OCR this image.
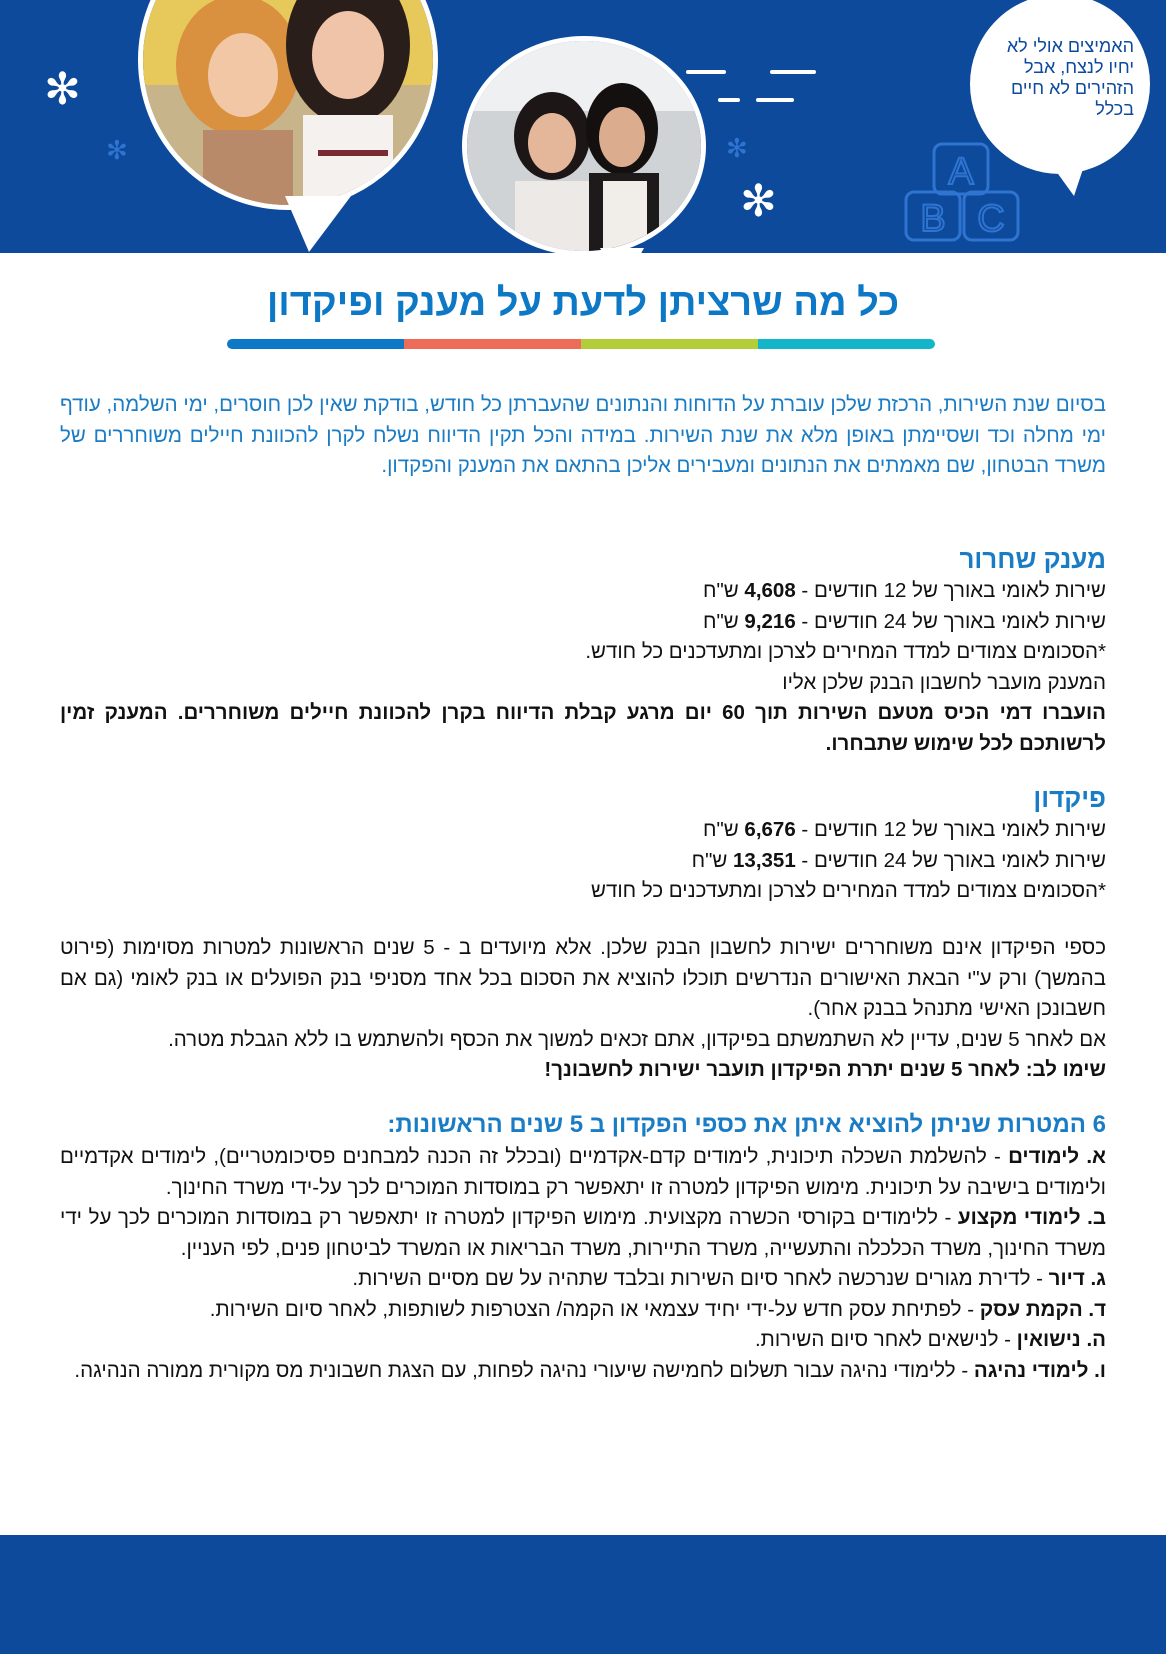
✻
✻	✻
✻
האמיצים אולי לא יחיו לנצח, אבל הזהירים לא חיים בכלל
A
B C
כל מה שרציתן לדעת על מענק ופיקדון

בסיום שנת השירות, הרכזת שלכן עוברת על הדוחות והנתונים שהעברתן כל חודש, בודקת שאין לכן חוסרים, ימי השלמה, עודף ימי מחלה וכד ושסיימתן באופן מלא את שנת השירות. במידה והכל תקין הדיווח נשלח לקרן להכוונת חיילים משוחררים של משרד הבטחון, שם מאמתים את הנתונים ומעבירים אליכן בהתאם את המענק והפקדון.

מענק שחרור

שירות לאומי באורך של 12 חודשים - 4,608 ש"ח

שירות לאומי באורך של 24 חודשים - 9,216 ש"ח

*הסכומים צמודים למדד המחירים לצרכן ומתעדכנים כל חודש.

המענק מועבר לחשבון הבנק שלכן אליו

הועברו דמי הכיס מטעם השירות תוך 60 יום מרגע קבלת הדיווח בקרן להכוונת חיילים משוחררים. המענק זמין לרשותכם לכל שימוש שתבחרו.

פיקדון

שירות לאומי באורך של 12 חודשים - 6,676 ש"ח

שירות לאומי באורך של 24 חודשים - 13,351 ש"ח

*הסכומים צמודים למדד המחירים לצרכן ומתעדכנים כל חודש

כספי הפיקדון אינם משוחררים ישירות לחשבון הבנק שלכן. אלא מיועדים ב - 5 שנים הראשונות למטרות מסוימות (פירוט בהמשך) ורק ע"י הבאת האישורים הנדרשים תוכלו להוציא את הסכום בכל אחד מסניפי בנק הפועלים או בנק לאומי (גם אם חשבונכן האישי מתנהל בבנק אחר).

אם לאחר 5 שנים, עדיין לא השתמשתם בפיקדון, אתם זכאים למשוך את הכסף ולהשתמש בו ללא הגבלת מטרה.

שימו לב: לאחר 5 שנים יתרת הפיקדון תועבר ישירות לחשבונך!

6 המטרות שניתן להוציא איתן את כספי הפקדון ב 5 שנים הראשונות:

א. לימודים - להשלמת השכלה תיכונית, לימודים קדם-אקדמיים (ובכלל זה הכנה למבחנים פסיכומטריים), לימודים אקדמיים ולימודים בישיבה על תיכונית. מימוש הפיקדון למטרה זו יתאפשר רק במוסדות המוכרים לכך על-ידי משרד החינוך.

ב. לימודי מקצוע - ללימודים בקורסי הכשרה מקצועית. מימוש הפיקדון למטרה זו יתאפשר רק במוסדות המוכרים לכך על ידי משרד החינוך, משרד הכלכלה והתעשייה, משרד התיירות, משרד הבריאות או המשרד לביטחון פנים, לפי העניין.

ג. דיור - לדירת מגורים שנרכשה לאחר סיום השירות ובלבד שתהיה על שם מסיים השירות.

ד. הקמת עסק - לפתיחת עסק חדש על-ידי יחיד עצמאי או הקמה/ הצטרפות לשותפות, לאחר סיום השירות.

ה. נישואין - לנישאים לאחר סיום השירות.

ו. לימודי נהיגה - ללימודי נהיגה עבור תשלום לחמישה שיעורי נהיגה לפחות, עם הצגת חשבונית מס מקורית ממורה הנהיגה.
